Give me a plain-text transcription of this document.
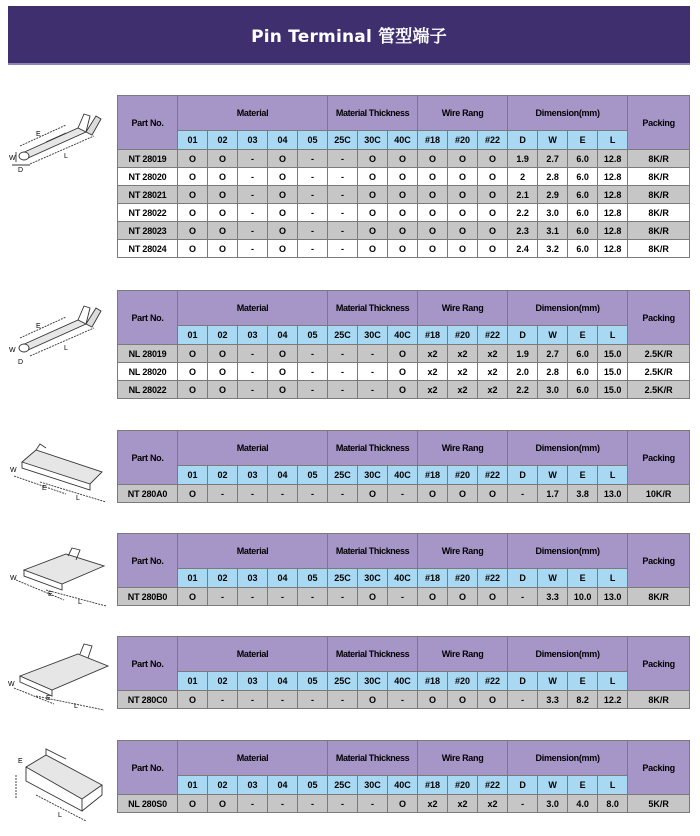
Pin Terminal 管型端子
E
L
W
D
Part No.	Material					Material Thickness			Wire Rang			Dimension(mm)				Packing
	01	02	03	04	05	25C	30C	40C	#18	#20	#22	D	W	E	L	
NT 28019	O	O	-	O	-	-	O	O	O	O	O	1.9	2.7	6.0	12.8	8K/R
NT 28020	O	O	-	O	-	-	O	O	O	O	O	2	2.8	6.0	12.8	8K/R
NT 28021	O	O	-	O	-	-	O	O	O	O	O	2.1	2.9	6.0	12.8	8K/R
NT 28022	O	O	-	O	-	-	O	O	O	O	O	2.2	3.0	6.0	12.8	8K/R
NT 28023	O	O	-	O	-	-	O	O	O	O	O	2.3	3.1	6.0	12.8	8K/R
NT 28024	O	O	-	O	-	-	O	O	O	O	O	2.4	3.2	6.0	12.8	8K/R
E
L
W
D
Part No.	Material					Material Thickness			Wire Rang			Dimension(mm)				Packing
	01	02	03	04	05	25C	30C	40C	#18	#20	#22	D	W	E	L	
NL 28019	O	O	-	O	-	-	-	O	x2	x2	x2	1.9	2.7	6.0	15.0	2.5K/R
NL 28020	O	O	-	O	-	-	-	O	x2	x2	x2	2.0	2.8	6.0	15.0	2.5K/R
NL 28022	O	O	-	O	-	-	-	O	x2	x2	x2	2.2	3.0	6.0	15.0	2.5K/R
W
E
L
Part No.	Material					Material Thickness			Wire Rang			Dimension(mm)				Packing
	01	02	03	04	05	25C	30C	40C	#18	#20	#22	D	W	E	L	
NT 280A0	O	-	-	-	-	-	O	-	O	O	O	-	1.7	3.8	13.0	10K/R
W
E
L
Part No.	Material					Material Thickness			Wire Rang			Dimension(mm)				Packing
	01	02	03	04	05	25C	30C	40C	#18	#20	#22	D	W	E	L	
NT 280B0	O	-	-	-	-	-	O	-	O	O	O	-	3.3	10.0	13.0	8K/R
W
E
L
Part No.	Material					Material Thickness			Wire Rang			Dimension(mm)				Packing
	01	02	03	04	05	25C	30C	40C	#18	#20	#22	D	W	E	L	
NT 280C0	O	-	-	-	-	-	O	-	O	O	O	-	3.3	8.2	12.2	8K/R
E
L
Part No.	Material					Material Thickness			Wire Rang			Dimension(mm)				Packing
	01	02	03	04	05	25C	30C	40C	#18	#20	#22	D	W	E	L	
NL 280S0	O	O	-	-	-	-	-	O	x2	x2	x2	-	3.0	4.0	8.0	5K/R
